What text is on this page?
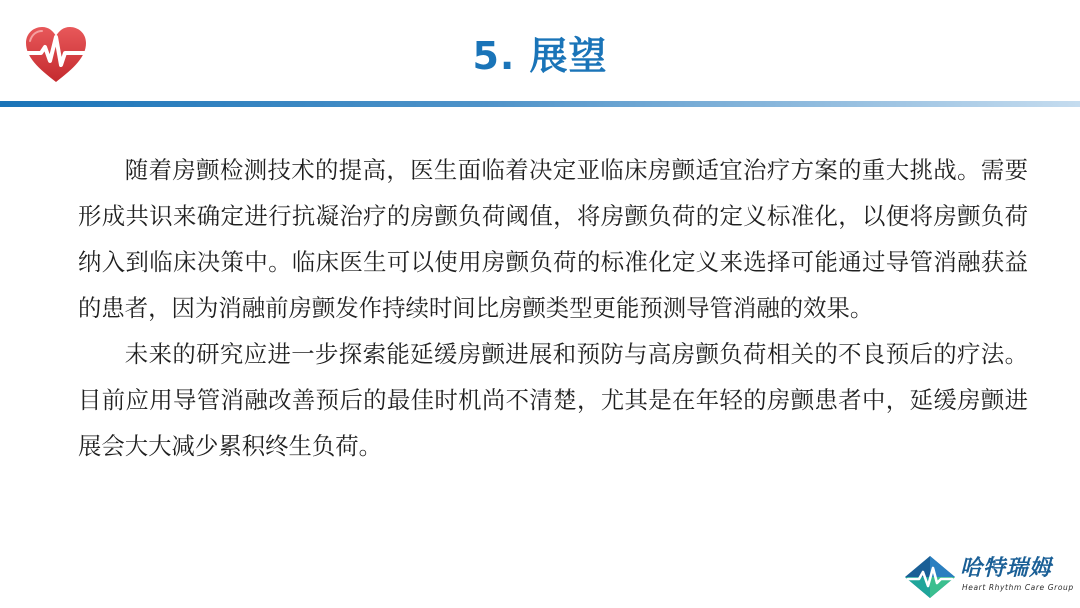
5. 展望

随着房颤检测技术的提高，医生面临着决定亚临床房颤适宜治疗方案的重大挑战。需要形成共识来确定进行抗凝治疗的房颤负荷阈值，将房颤负荷的定义标准化，以便将房颤负荷纳入到临床决策中。临床医生可以使用房颤负荷的标准化定义来选择可能通过导管消融获益的患者，因为消融前房颤发作持续时间比房颤类型更能预测导管消融的效果。

未来的研究应进一步探索能延缓房颤进展和预防与高房颤负荷相关的不良预后的疗法。目前应用导管消融改善预后的最佳时机尚不清楚，尤其是在年轻的房颤患者中，延缓房颤进展会大大减少累积终生负荷。

哈特瑞姆
Heart Rhythm Care Group
